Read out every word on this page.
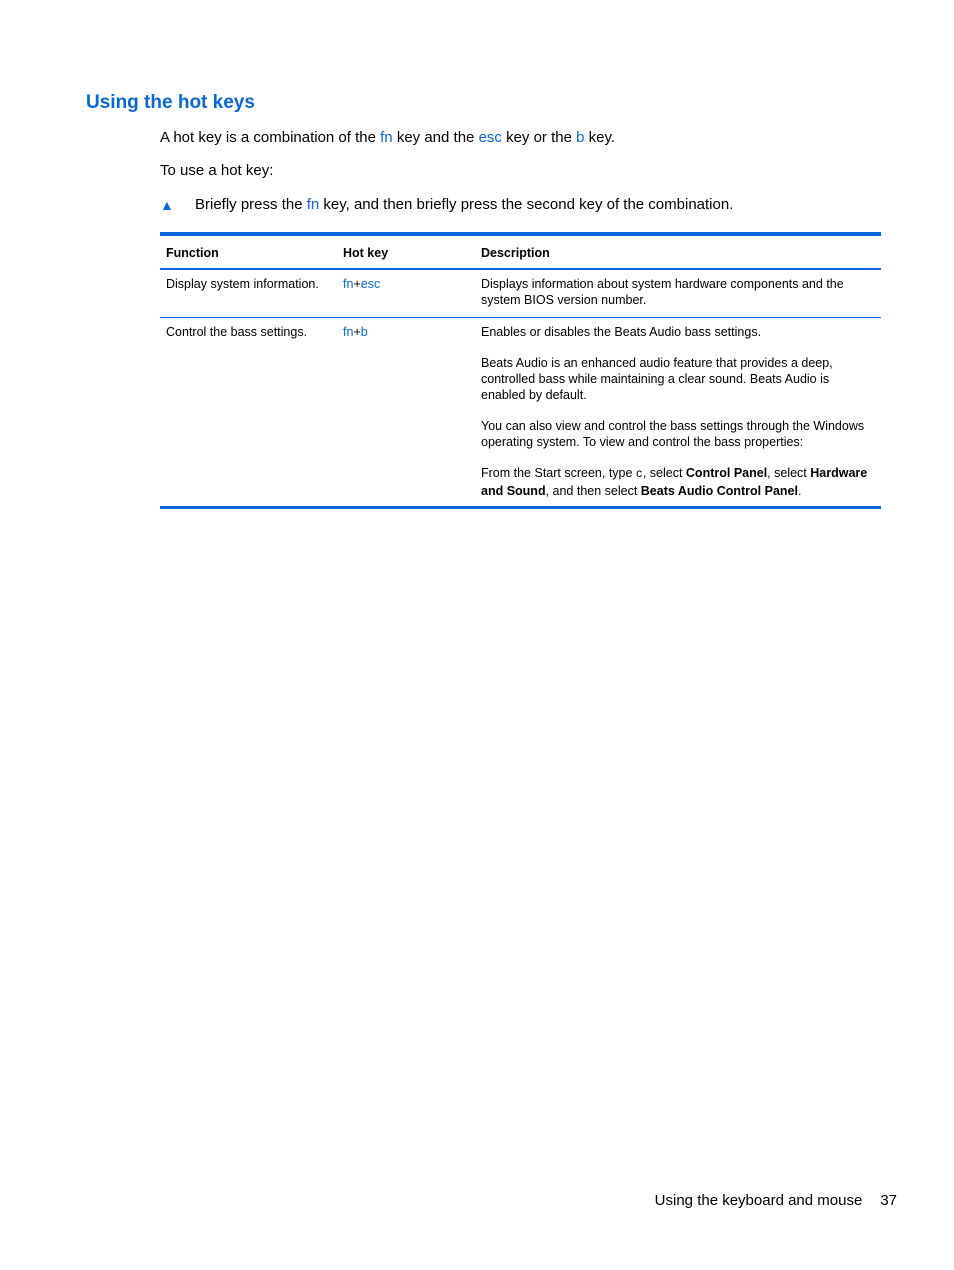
Using the hot keys

A hot key is a combination of the fn key and the esc key or the b key.

To use a hot key:

▲ Briefly press the fn key, and then briefly press the second key of the combination.
Function	Hot key	Description
Display system information.	fn+esc	Displays information about system hardware components and the system BIOS version number.
Control the bass settings.	fn+b	Enables or disables the Beats Audio bass settings.

Beats Audio is an enhanced audio feature that provides a deep, controlled bass while maintaining a clear sound. Beats Audio is enabled by default.

You can also view and control the bass settings through the Windows operating system. To view and control the bass properties:

From the Start screen, type c, select Control Panel, select Hardware and Sound, and then select Beats Audio Control Panel.

Using the keyboard and mouse 37
